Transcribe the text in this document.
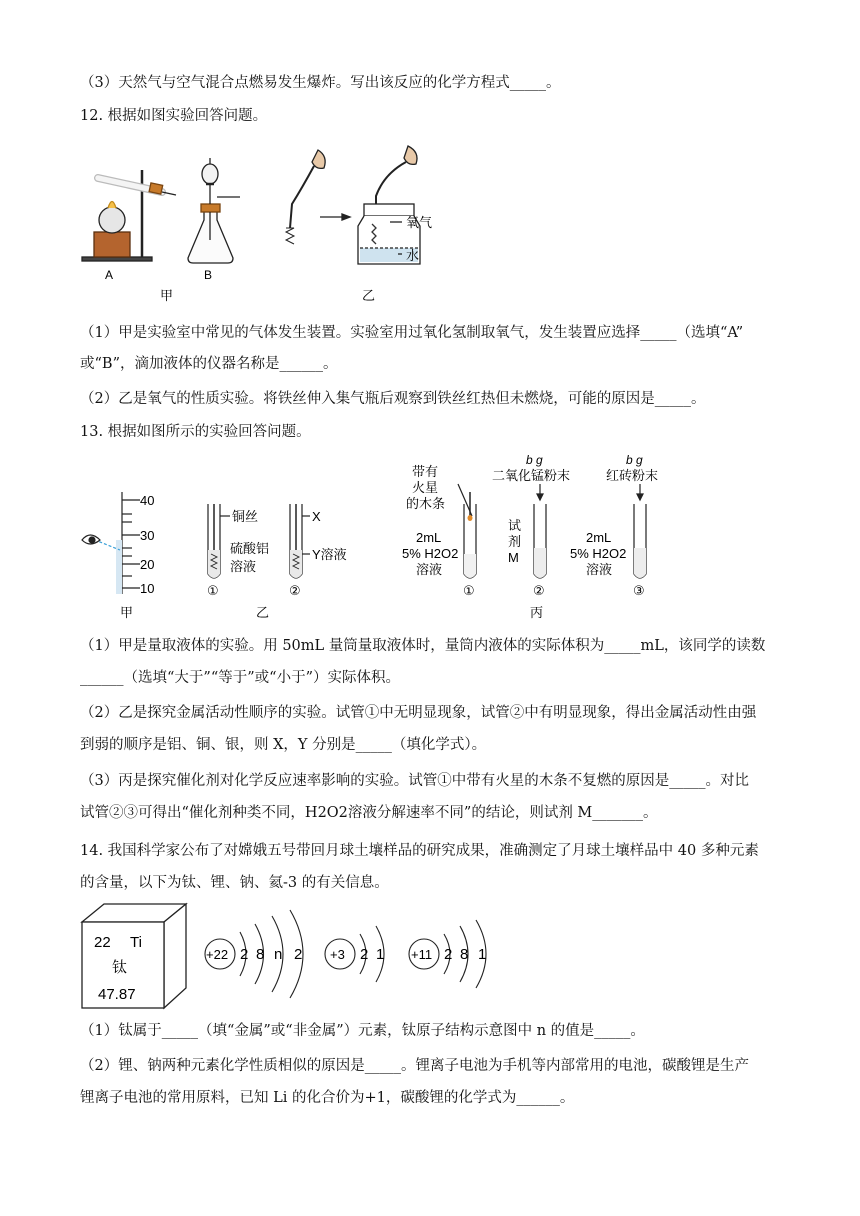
（3）天然气与空气混合点燃易发生爆炸。写出该反应的化学方程式_____。
12. 根据如图实验回答问题。
A	B
甲
氧气
水
乙
（1）甲是实验室中常见的气体发生装置。实验室用过氧化氢制取氧气，发生装置应选择_____（选填“A”
或“B”，滴加液体的仪器名称是______。
（2）乙是氧气的性质实验。将铁丝伸入集气瓶后观察到铁丝红热但未燃烧，可能的原因是_____。
13. 根据如图所示的实验回答问题。
40
30
20
10
甲
铜丝	X
硫酸铝
溶液
Y溶液
①	②
乙
带有
火星
的木条
b g
二氧化锰粉末
b g
红砖粉末
2mL
5% H2O2
溶液
试
剂
M
2mL
5% H2O2
溶液
①	②	③
丙
（1）甲是量取液体的实验。用 50mL 量筒量取液体时，量筒内液体的实际体积为_____mL，该同学的读数
______（选填“大于”“等于”或“小于”）实际体积。
（2）乙是探究金属活动性顺序的实验。试管①中无明显现象，试管②中有明显现象，得出金属活动性由强
到弱的顺序是铝、铜、银，则 X，Y 分别是_____（填化学式）。
（3）丙是探究催化剂对化学反应速率影响的实验。试管①中带有火星的木条不复燃的原因是_____。对比
试管②③可得出“催化剂种类不同，H2O2溶液分解速率不同”的结论，则试剂 M_______。
14. 我国科学家公布了对嫦娥五号带回月球土壤样品的研究成果，准确测定了月球土壤样品中 40 多种元素
的含量，以下为钛、锂、钠、氦-3 的有关信息。
22 Ti
钛
47.87
+22 2 8 n 2 +3 2 1 +11 2 8 1
（1）钛属于_____（填“金属”或“非金属”）元素，钛原子结构示意图中 n 的值是_____。
（2）锂、钠两种元素化学性质相似的原因是_____。锂离子电池为手机等内部常用的电池，碳酸锂是生产
锂离子电池的常用原料，已知 Li 的化合价为+1，碳酸锂的化学式为______。
